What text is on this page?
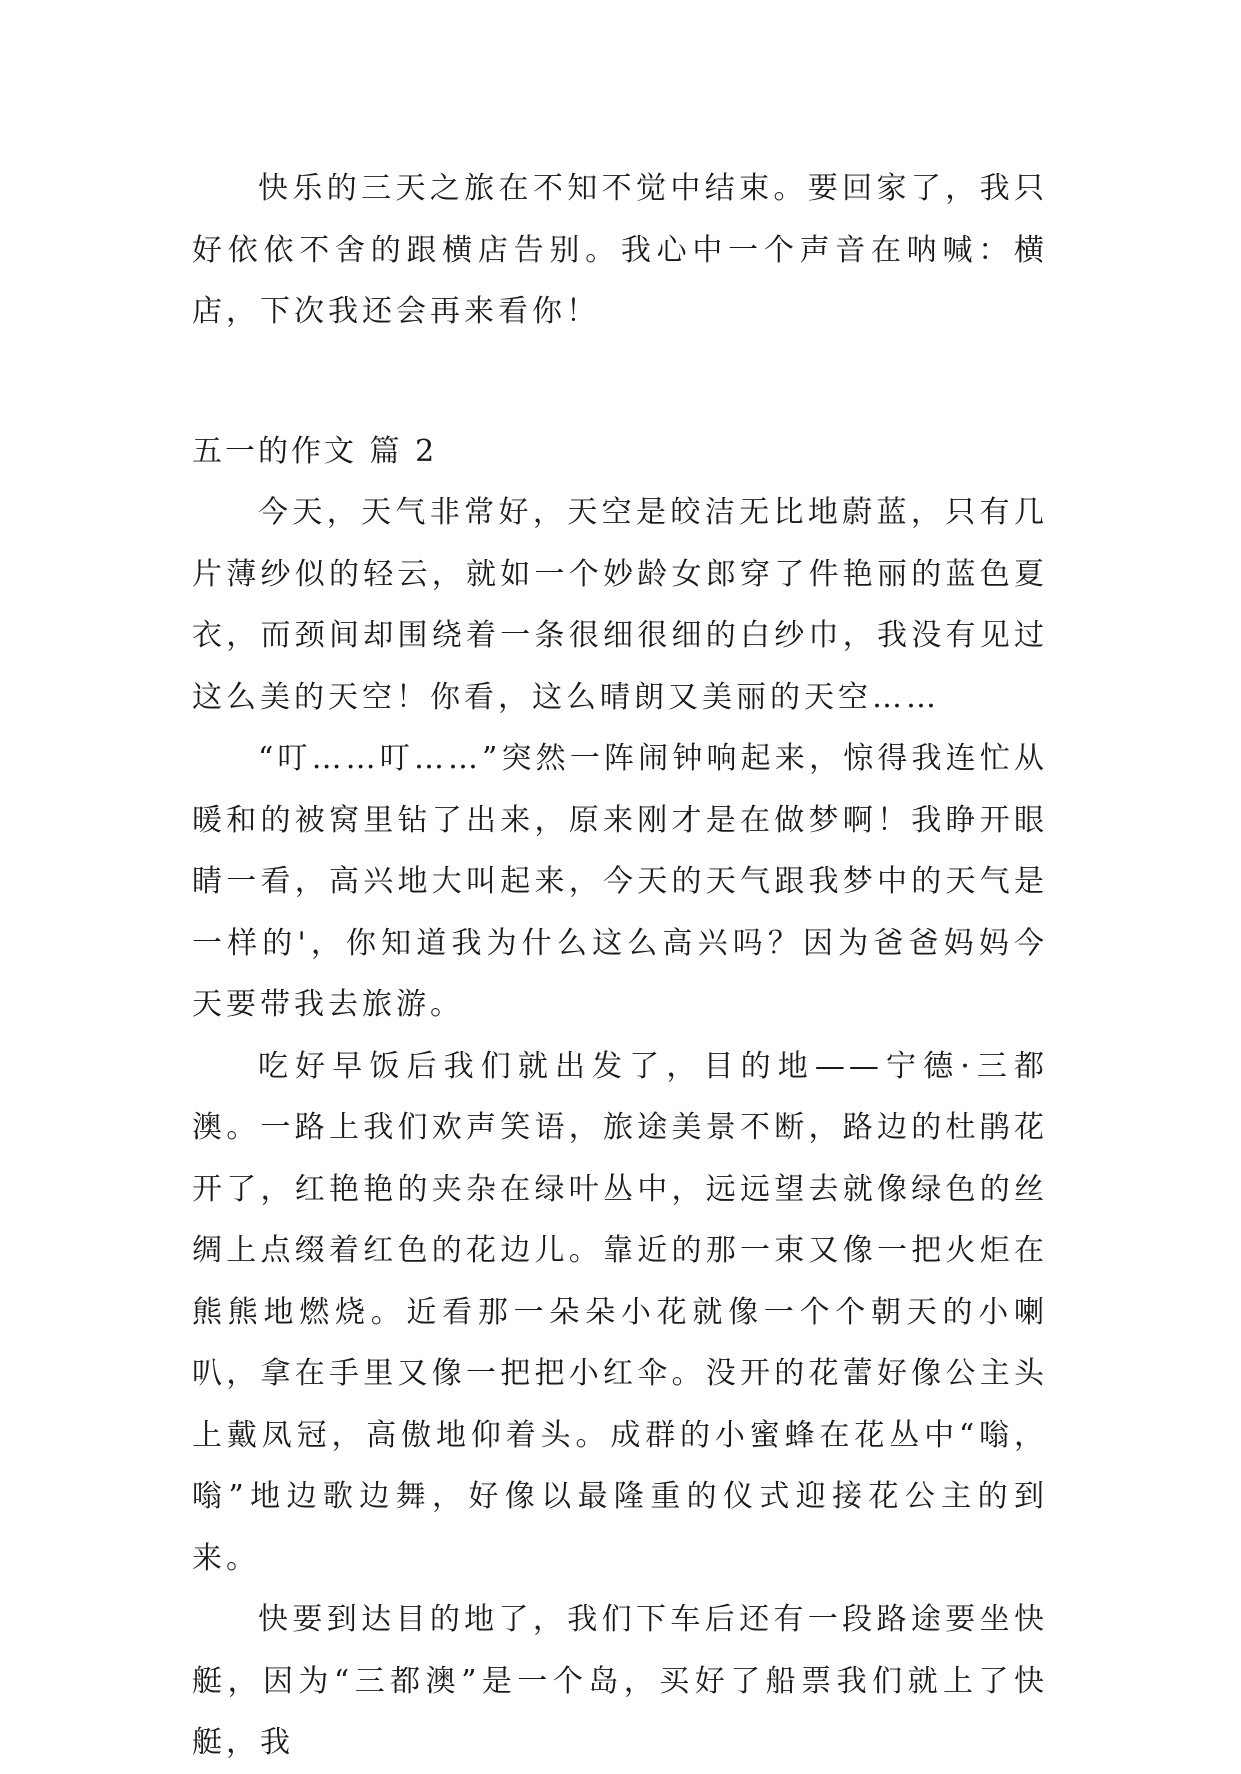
快乐的三天之旅在不知不觉中结束。要回家了，我只好依依不舍的跟横店告别。我心中一个声音在呐喊：横店，下次我还会再来看你！

五一的作文 篇 2

今天，天气非常好，天空是皎洁无比地蔚蓝，只有几片薄纱似的轻云，就如一个妙龄女郎穿了件艳丽的蓝色夏衣，而颈间却围绕着一条很细很细的白纱巾，我没有见过这么美的天空！你看，这么晴朗又美丽的天空……

“叮……叮……”突然一阵闹钟响起来，惊得我连忙从暖和的被窝里钻了出来，原来刚才是在做梦啊！我睁开眼睛一看，高兴地大叫起来，今天的天气跟我梦中的天气是一样的'，你知道我为什么这么高兴吗？因为爸爸妈妈今天要带我去旅游。

吃好早饭后我们就出发了，目的地——宁德·三都澳。一路上我们欢声笑语，旅途美景不断，路边的杜鹃花开了，红艳艳的夹杂在绿叶丛中，远远望去就像绿色的丝绸上点缀着红色的花边儿。靠近的那一束又像一把火炬在熊熊地燃烧。近看那一朵朵小花就像一个个朝天的小喇叭，拿在手里又像一把把小红伞。没开的花蕾好像公主头上戴凤冠，高傲地仰着头。成群的小蜜蜂在花丛中“嗡，嗡”地边歌边舞，好像以最隆重的仪式迎接花公主的到来。

快要到达目的地了，我们下车后还有一段路途要坐快艇，因为“三都澳”是一个岛，买好了船票我们就上了快艇，我
